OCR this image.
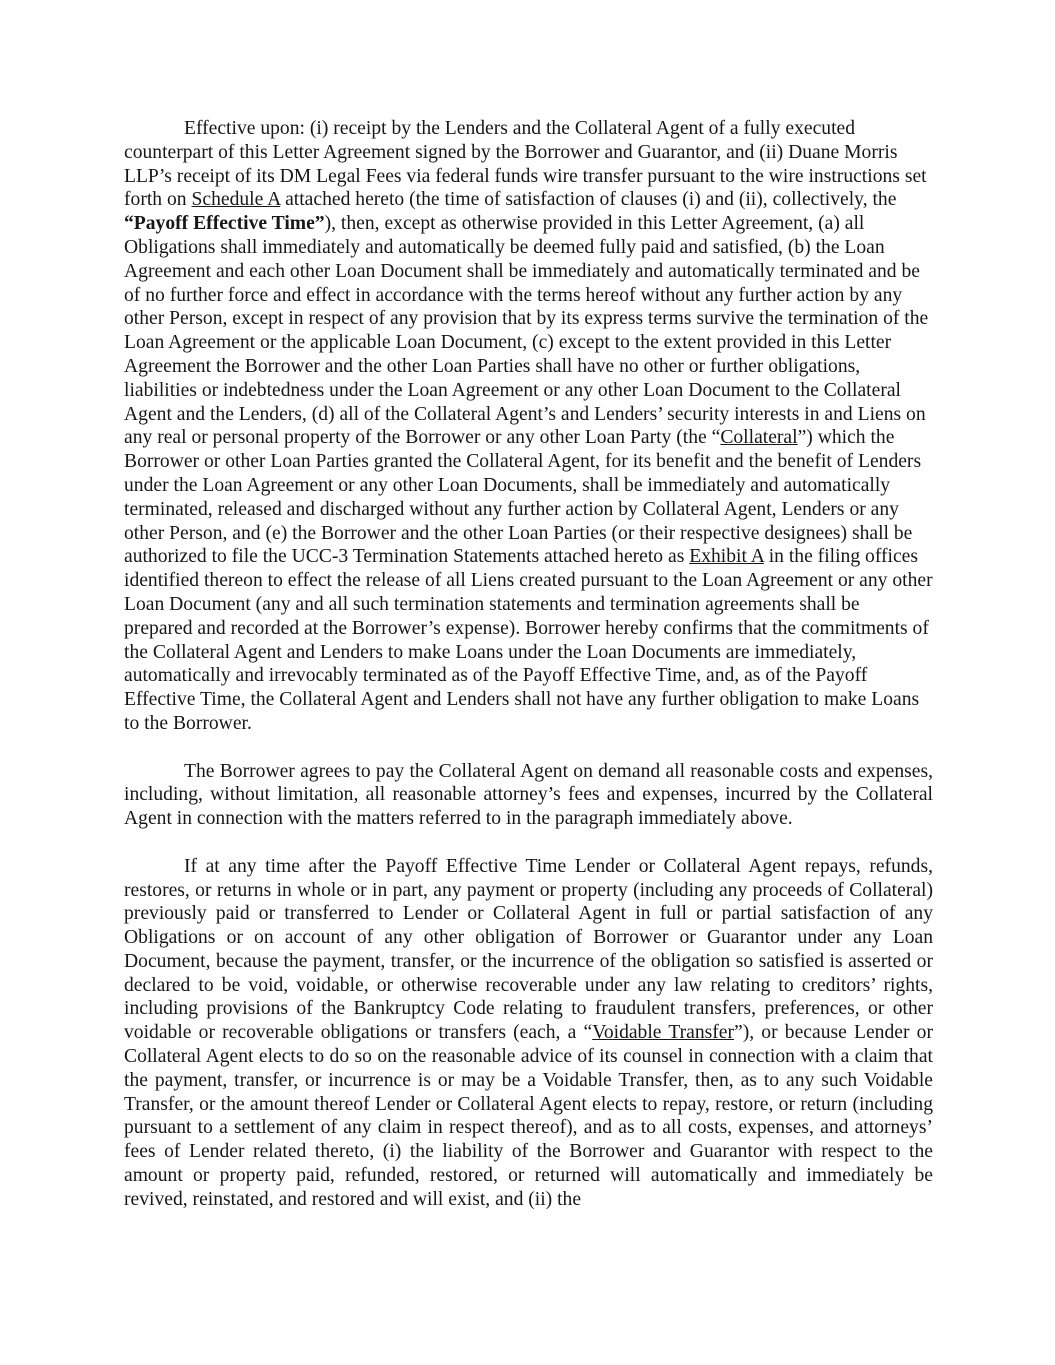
Effective upon: (i) receipt by the Lenders and the Collateral Agent of a fully executed counterpart of this Letter Agreement signed by the Borrower and Guarantor, and (ii) Duane Morris LLP’s receipt of its DM Legal Fees via federal funds wire transfer pursuant to the wire instructions set forth on Schedule A attached hereto (the time of satisfaction of clauses (i) and (ii), collectively, the “Payoff Effective Time”), then, except as otherwise provided in this Letter Agreement, (a) all Obligations shall immediately and automatically be deemed fully paid and satisfied, (b) the Loan Agreement and each other Loan Document shall be immediately and automatically terminated and be of no further force and effect in accordance with the terms hereof without any further action by any other Person, except in respect of any provision that by its express terms survive the termination of the Loan Agreement or the applicable Loan Document, (c) except to the extent provided in this Letter Agreement the Borrower and the other Loan Parties shall have no other or further obligations, liabilities or indebtedness under the Loan Agreement or any other Loan Document to the Collateral Agent and the Lenders, (d) all of the Collateral Agent’s and Lenders’ security interests in and Liens on any real or personal property of the Borrower or any other Loan Party (the “Collateral”) which the Borrower or other Loan Parties granted the Collateral Agent, for its benefit and the benefit of Lenders under the Loan Agreement or any other Loan Documents, shall be immediately and automatically terminated, released and discharged without any further action by Collateral Agent, Lenders or any other Person, and (e) the Borrower and the other Loan Parties (or their respective designees) shall be authorized to file the UCC-3 Termination Statements attached hereto as Exhibit A in the filing offices identified thereon to effect the release of all Liens created pursuant to the Loan Agreement or any other Loan Document (any and all such termination statements and termination agreements shall be prepared and recorded at the Borrower’s expense). Borrower hereby confirms that the commitments of the Collateral Agent and Lenders to make Loans under the Loan Documents are immediately, automatically and irrevocably terminated as of the Payoff Effective Time, and, as of the Payoff Effective Time, the Collateral Agent and Lenders shall not have any further obligation to make Loans to the Borrower.

The Borrower agrees to pay the Collateral Agent on demand all reasonable costs and expenses, including, without limitation, all reasonable attorney’s fees and expenses, incurred by the Collateral Agent in connection with the matters referred to in the paragraph immediately above.

If at any time after the Payoff Effective Time Lender or Collateral Agent repays, refunds, restores, or returns in whole or in part, any payment or property (including any proceeds of Collateral) previously paid or transferred to Lender or Collateral Agent in full or partial satisfaction of any Obligations or on account of any other obligation of Borrower or Guarantor under any Loan Document, because the payment, transfer, or the incurrence of the obligation so satisfied is asserted or declared to be void, voidable, or otherwise recoverable under any law relating to creditors’ rights, including provisions of the Bankruptcy Code relating to fraudulent transfers, preferences, or other voidable or recoverable obligations or transfers (each, a “Voidable Transfer”), or because Lender or Collateral Agent elects to do so on the reasonable advice of its counsel in connection with a claim that the payment, transfer, or incurrence is or may be a Voidable Transfer, then, as to any such Voidable Transfer, or the amount thereof Lender or Collateral Agent elects to repay, restore, or return (including pursuant to a settlement of any claim in respect thereof), and as to all costs, expenses, and attorneys’ fees of Lender related thereto, (i) the liability of the Borrower and Guarantor with respect to the amount or property paid, refunded, restored, or returned will automatically and immediately be revived, reinstated, and restored and will exist, and (ii) the
